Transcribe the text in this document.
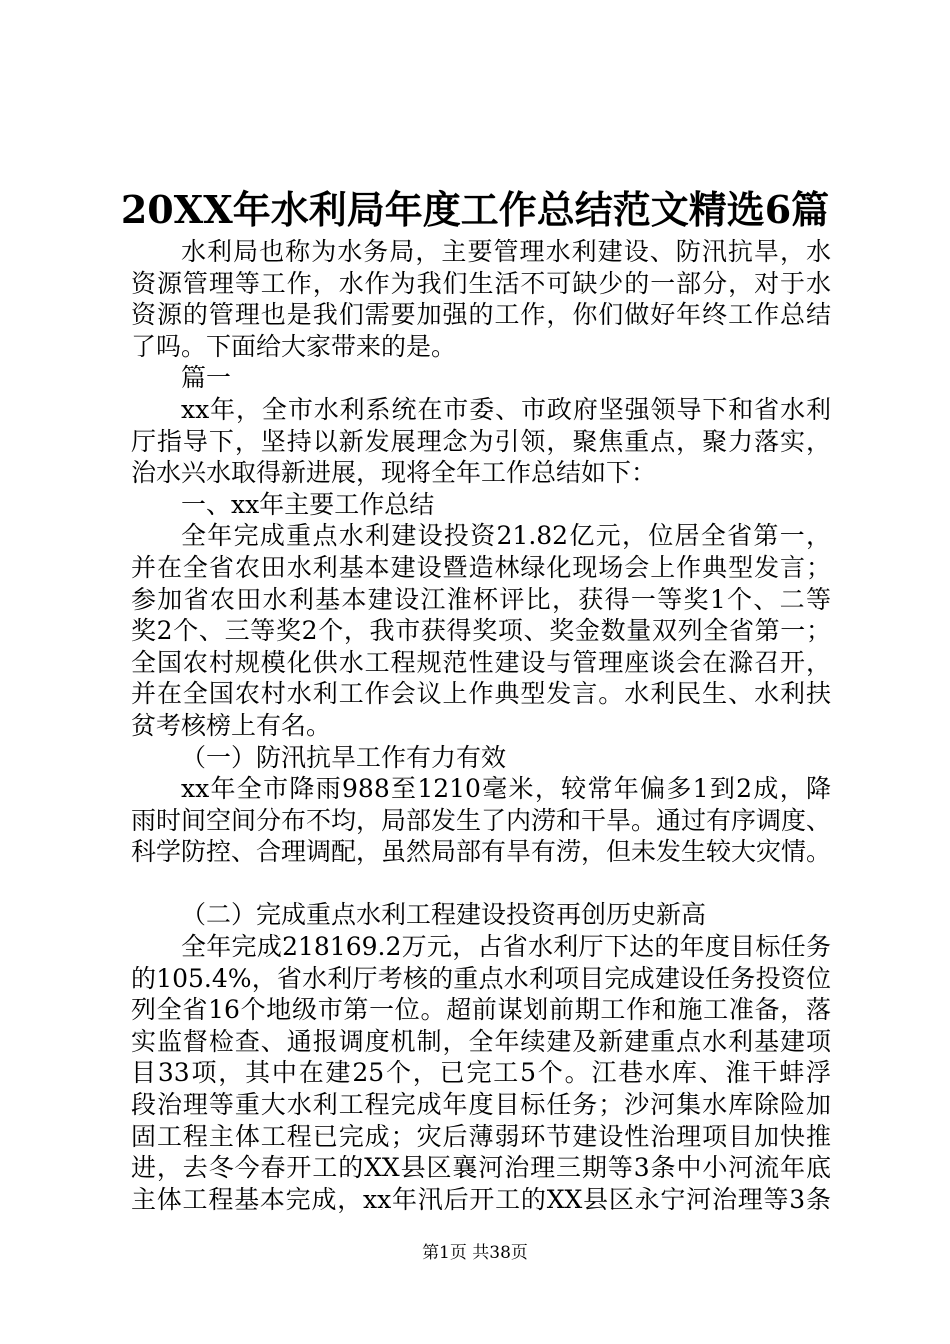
20XX年水利局年度工作总结范文精选6篇
水利局也称为水务局，主要管理水利建设、防汛抗旱，水
资源管理等工作，水作为我们生活不可缺少的一部分，对于水
资源的管理也是我们需要加强的工作，你们做好年终工作总结
了吗。下面给大家带来的是。
篇一
xx年，全市水利系统在市委、市政府坚强领导下和省水利
厅指导下，坚持以新发展理念为引领，聚焦重点，聚力落实，
治水兴水取得新进展，现将全年工作总结如下：
一、xx年主要工作总结
全年完成重点水利建设投资21.82亿元，位居全省第一，
并在全省农田水利基本建设暨造林绿化现场会上作典型发言；
参加省农田水利基本建设江淮杯评比，获得一等奖1个、二等
奖2个、三等奖2个，我市获得奖项、奖金数量双列全省第一；
全国农村规模化供水工程规范性建设与管理座谈会在滁召开，
并在全国农村水利工作会议上作典型发言。水利民生、水利扶
贫考核榜上有名。
（一）防汛抗旱工作有力有效
xx年全市降雨988至1210毫米，较常年偏多1到2成，降
雨时间空间分布不均，局部发生了内涝和干旱。通过有序调度、
科学防控、合理调配，虽然局部有旱有涝，但未发生较大灾情。
（二）完成重点水利工程建设投资再创历史新高
全年完成218169.2万元，占省水利厅下达的年度目标任务
的105.4%，省水利厅考核的重点水利项目完成建设任务投资位
列全省16个地级市第一位。超前谋划前期工作和施工准备，落
实监督检查、通报调度机制，全年续建及新建重点水利基建项
目33项，其中在建25个，已完工5个。江巷水库、淮干蚌浮
段治理等重大水利工程完成年度目标任务；沙河集水库除险加
固工程主体工程已完成；灾后薄弱环节建设性治理项目加快推
进，去冬今春开工的XX县区襄河治理三期等3条中小河流年底
主体工程基本完成，xx年汛后开工的XX县区永宁河治理等3条
第1页 共38页
